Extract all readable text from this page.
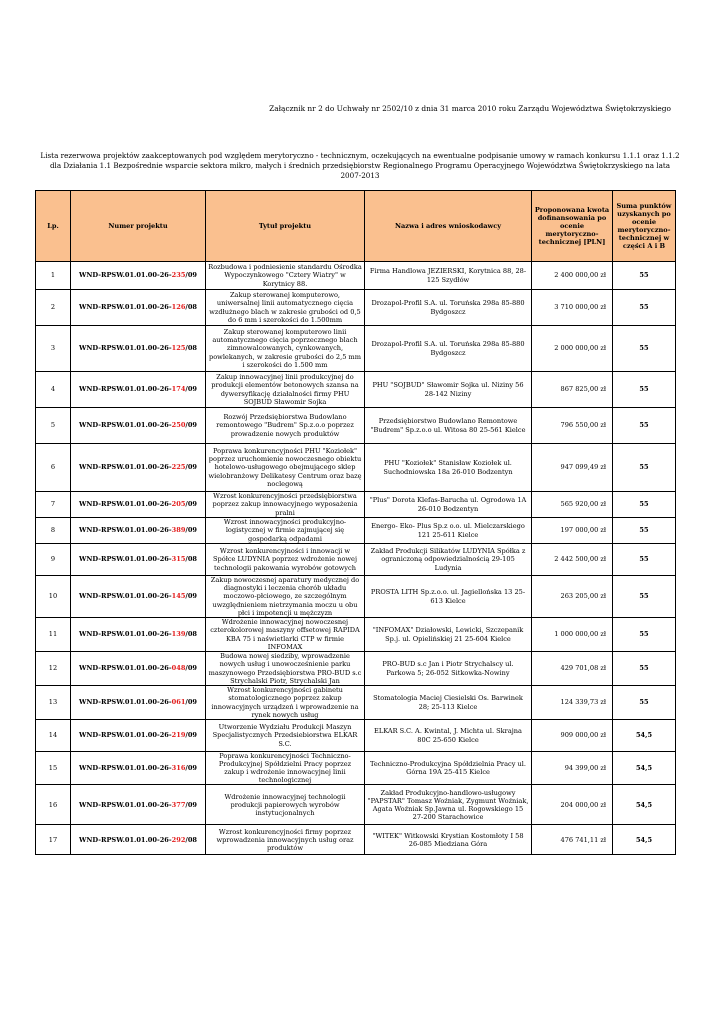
Załącznik nr 2 do Uchwały nr 2502/10 z dnia 31 marca 2010 roku Zarządu Województwa Świętokrzyskiego
Lista rezerwowa projektów zaakceptowanych pod względem merytoryczno - technicznym, oczekujących na ewentualne podpisanie umowy w ramach konkursu 1.1.1 oraz 1.1.2 dla Działania 1.1 Bezpośrednie wsparcie sektora mikro, małych i średnich przedsiębiorstw Regionalnego Programu Operacyjnego Województwa Świętokrzyskiego na lata 2007-2013
Lp.	Numer projektu	Tytuł projektu	Nazwa i adres wnioskodawcy	Proponowana kwota dofinansowania po ocenie merytoryczno-technicznej [PLN]	Suma punktów uzyskanych po ocenie merytoryczno-technicznej w części A i B
1	WND-RPSW.01.01.00-26-235/09	Rozbudowa i podniesienie standardu Ośrodka Wypoczynkowego "Cztery Wiatry" w Korytnicy 88.	Firma Handlowa JEZIERSKI, Korytnica 88, 28-125 Szydłów	2 400 000,00 zł	55
2	WND-RPSW.01.01.00-26-126/08	Zakup sterowanej komputerowo, uniwersalnej linii automatycznego cięcia wzdłużnego blach w zakresie grubości od 0,5 do 6 mm i szerokości do 1.500mm	Drozapol-Profil S.A. ul. Toruńska 298a 85-880 Bydgoszcz	3 710 000,00 zł	55
3	WND-RPSW.01.01.00-26-125/08	Zakup sterowanej komputerowo linii automatycznego cięcia poprzecznego blach zimnowalcowanych, cynkowanych, powlekanych, w zakresie grubości do 2,5 mm i szerokości do 1.500 mm	Drozapol-Profil S.A. ul. Toruńska 298a 85-880 Bydgoszcz	2 000 000,00 zł	55
4	WND-RPSW.01.01.00-26-174/09	Zakup innowacyjnej linii produkcyjnej do produkcji elementów betonowych szansa na dywersyfikację działalności firmy PHU SOJBUD Sławomir Sojka	PHU "SOJBUD" Sławomir Sojka ul. Niziny 56 28-142 Niziny	867 825,00 zł	55
5	WND-RPSW.01.01.00-26-250/09	Rozwój Przedsiębiorstwa Budowlano remontowego "Budrem" Sp.z.o.o poprzez prowadzenie nowych produktów	Przedsiębiorstwo Budowlano Remontowe "Budrem" Sp.z.o.o ul. Witosa 80 25-561 Kielce	796 550,00 zł	55
6	WND-RPSW.01.01.00-26-225/09	Poprawa konkurencyjności PHU "Koziołek" poprzez uruchomienie nowoczesnego obiektu hotelowo-usługowego obejmującego sklep wielobranżowy Delikatesy Centrum oraz bazę noclegową	PHU "Koziołek" Stanisław Koziołek ul. Suchodniowska 18a 26-010 Bodzentyn	947 099,49 zł	55
7	WND-RPSW.01.01.00-26-205/09	Wzrost konkurencyjności przedsiębiorstwa poprzez zakup innowacyjnego wyposażenia pralni	"Plus" Dorota Klefas-Barucha ul. Ogrodowa 1A 26-010 Bodzentyn	565 920,00 zł	55
8	WND-RPSW.01.01.00-26-389/09	Wzrost innowacyjności produkcyjno-logistycznej w firmie zajmującej się gospodarką odpadami	Energo- Eko- Plus Sp.z o.o. ul. Mielczarskiego 121 25-611 Kielce	197 000,00 zł	55
9	WND-RPSW.01.01.00-26-315/08	Wzrost konkurencyjności i innowacji w Spółce LUDYNIA poprzez wdrożenie nowej technologii pakowania wyrobów gotowych	Zakład Produkcji Silikatów LUDYNIA Spółka z ograniczoną odpowiedzialnością 29-105 Ludynia	2 442 500,00 zł	55
10	WND-RPSW.01.01.00-26-145/09	Zakup nowoczesnej aparatury medycznej do diagnostyki i leczenia chorób układu moczowo-płciowego, ze szczególnym uwzględnieniem nietrzymania moczu u obu płci i impotencji u mężczyzn	PROSTA LITH Sp.z.o.o. ul. Jagiellońska 13 25-613 Kielce	263 205,00 zł	55
11	WND-RPSW.01.01.00-26-139/08	Wdrożenie innowacyjnej nowoczesnej czterokolorowej maszyny offsetowej RAPIDA KBA 75 i naświetlarki CTP w firmie INFOMAX	"INFOMAX" Działowski, Lewicki, Szczepanik Sp.j. ul. Opielińskiej 21 25-604 Kielce	1 000 000,00 zł	55
12	WND-RPSW.01.01.00-26-048/09	Budowa nowej siedziby, wprowadzenie nowych usług i unowocześnienie parku maszynowego Przedsiębiorstwa PRO-BUD s.c Strychalski Piotr, Strychalski Jan	PRO-BUD s.c Jan i Piotr Strychalscy ul. Parkowa 5; 26-052 Sitkowka-Nowiny	429 701,08 zł	55
13	WND-RPSW.01.01.00-26-061/09	Wzrost konkurencyjności gabinetu stomatologicznego poprzez zakup innowacyjnych urządzeń i wprowadzenie na rynek nowych usług	Stomatologia Maciej Ciesielski Os. Barwinek 28; 25-113 Kielce	124 339,73 zł	55
14	WND-RPSW.01.01.00-26-219/09	Utworzenie Wydziału Produkcji Maszyn Specjalistycznych Przedsiebiorstwa ELKAR S.C.	ELKAR S.C. A. Kwintal, J. Michta ul. Skrajna 80C 25-650 Kielce	909 000,00 zł	54,5
15	WND-RPSW.01.01.00-26-316/09	Poprawa konkurencyjności Techniczno-Produkcyjnej Spółdzielni Pracy poprzez zakup i wdrożenie innowacyjnej linii technologicznej	Techniczno-Produkcyjna Spółdzielnia Pracy ul. Górna 19A 25-415 Kielce	94 399,00 zł	54,5
16	WND-RPSW.01.01.00-26-377/09	Wdrożenie innowacyjnej technologii produkcji papierowych wyrobów instytucjonalnych	Zakład Produkcyjno-handlowo-usługowy "PAPSTAR" Tomasz Woźniak, Zygmunt Woźniak, Agata Woźniak Sp.Jawna ul. Rogowskiego 15 27-200 Starachowice	204 000,00 zł	54,5
17	WND-RPSW.01.01.00-26-292/08	Wzrost konkurencyjności firmy poprzez wprowadzenia innowacyjnych usług oraz produktów	"WITEK" Witkowski Krystian Kostomłoty I 58 26-085 Miedziana Góra	476 741,11 zł	54,5
